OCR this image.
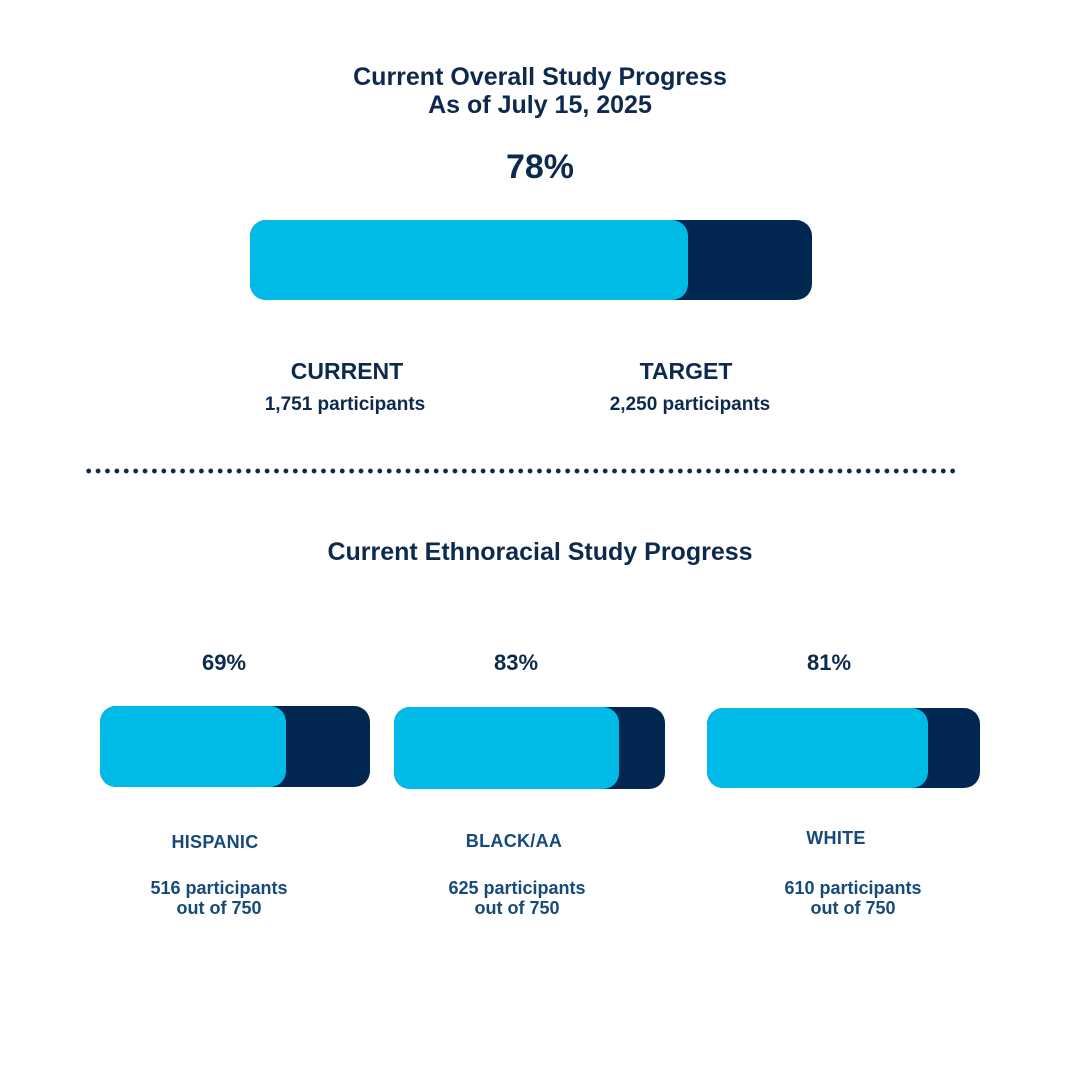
Current Overall Study Progress
As of July 15, 2025
78%
CURRENT
1,751 participants
TARGET
2,250 participants
Current Ethnoracial Study Progress
69%
HISPANIC
516 participants
out of 750
83%
BLACK/AA
625 participants
out of 750
81%
WHITE
610 participants
out of 750
